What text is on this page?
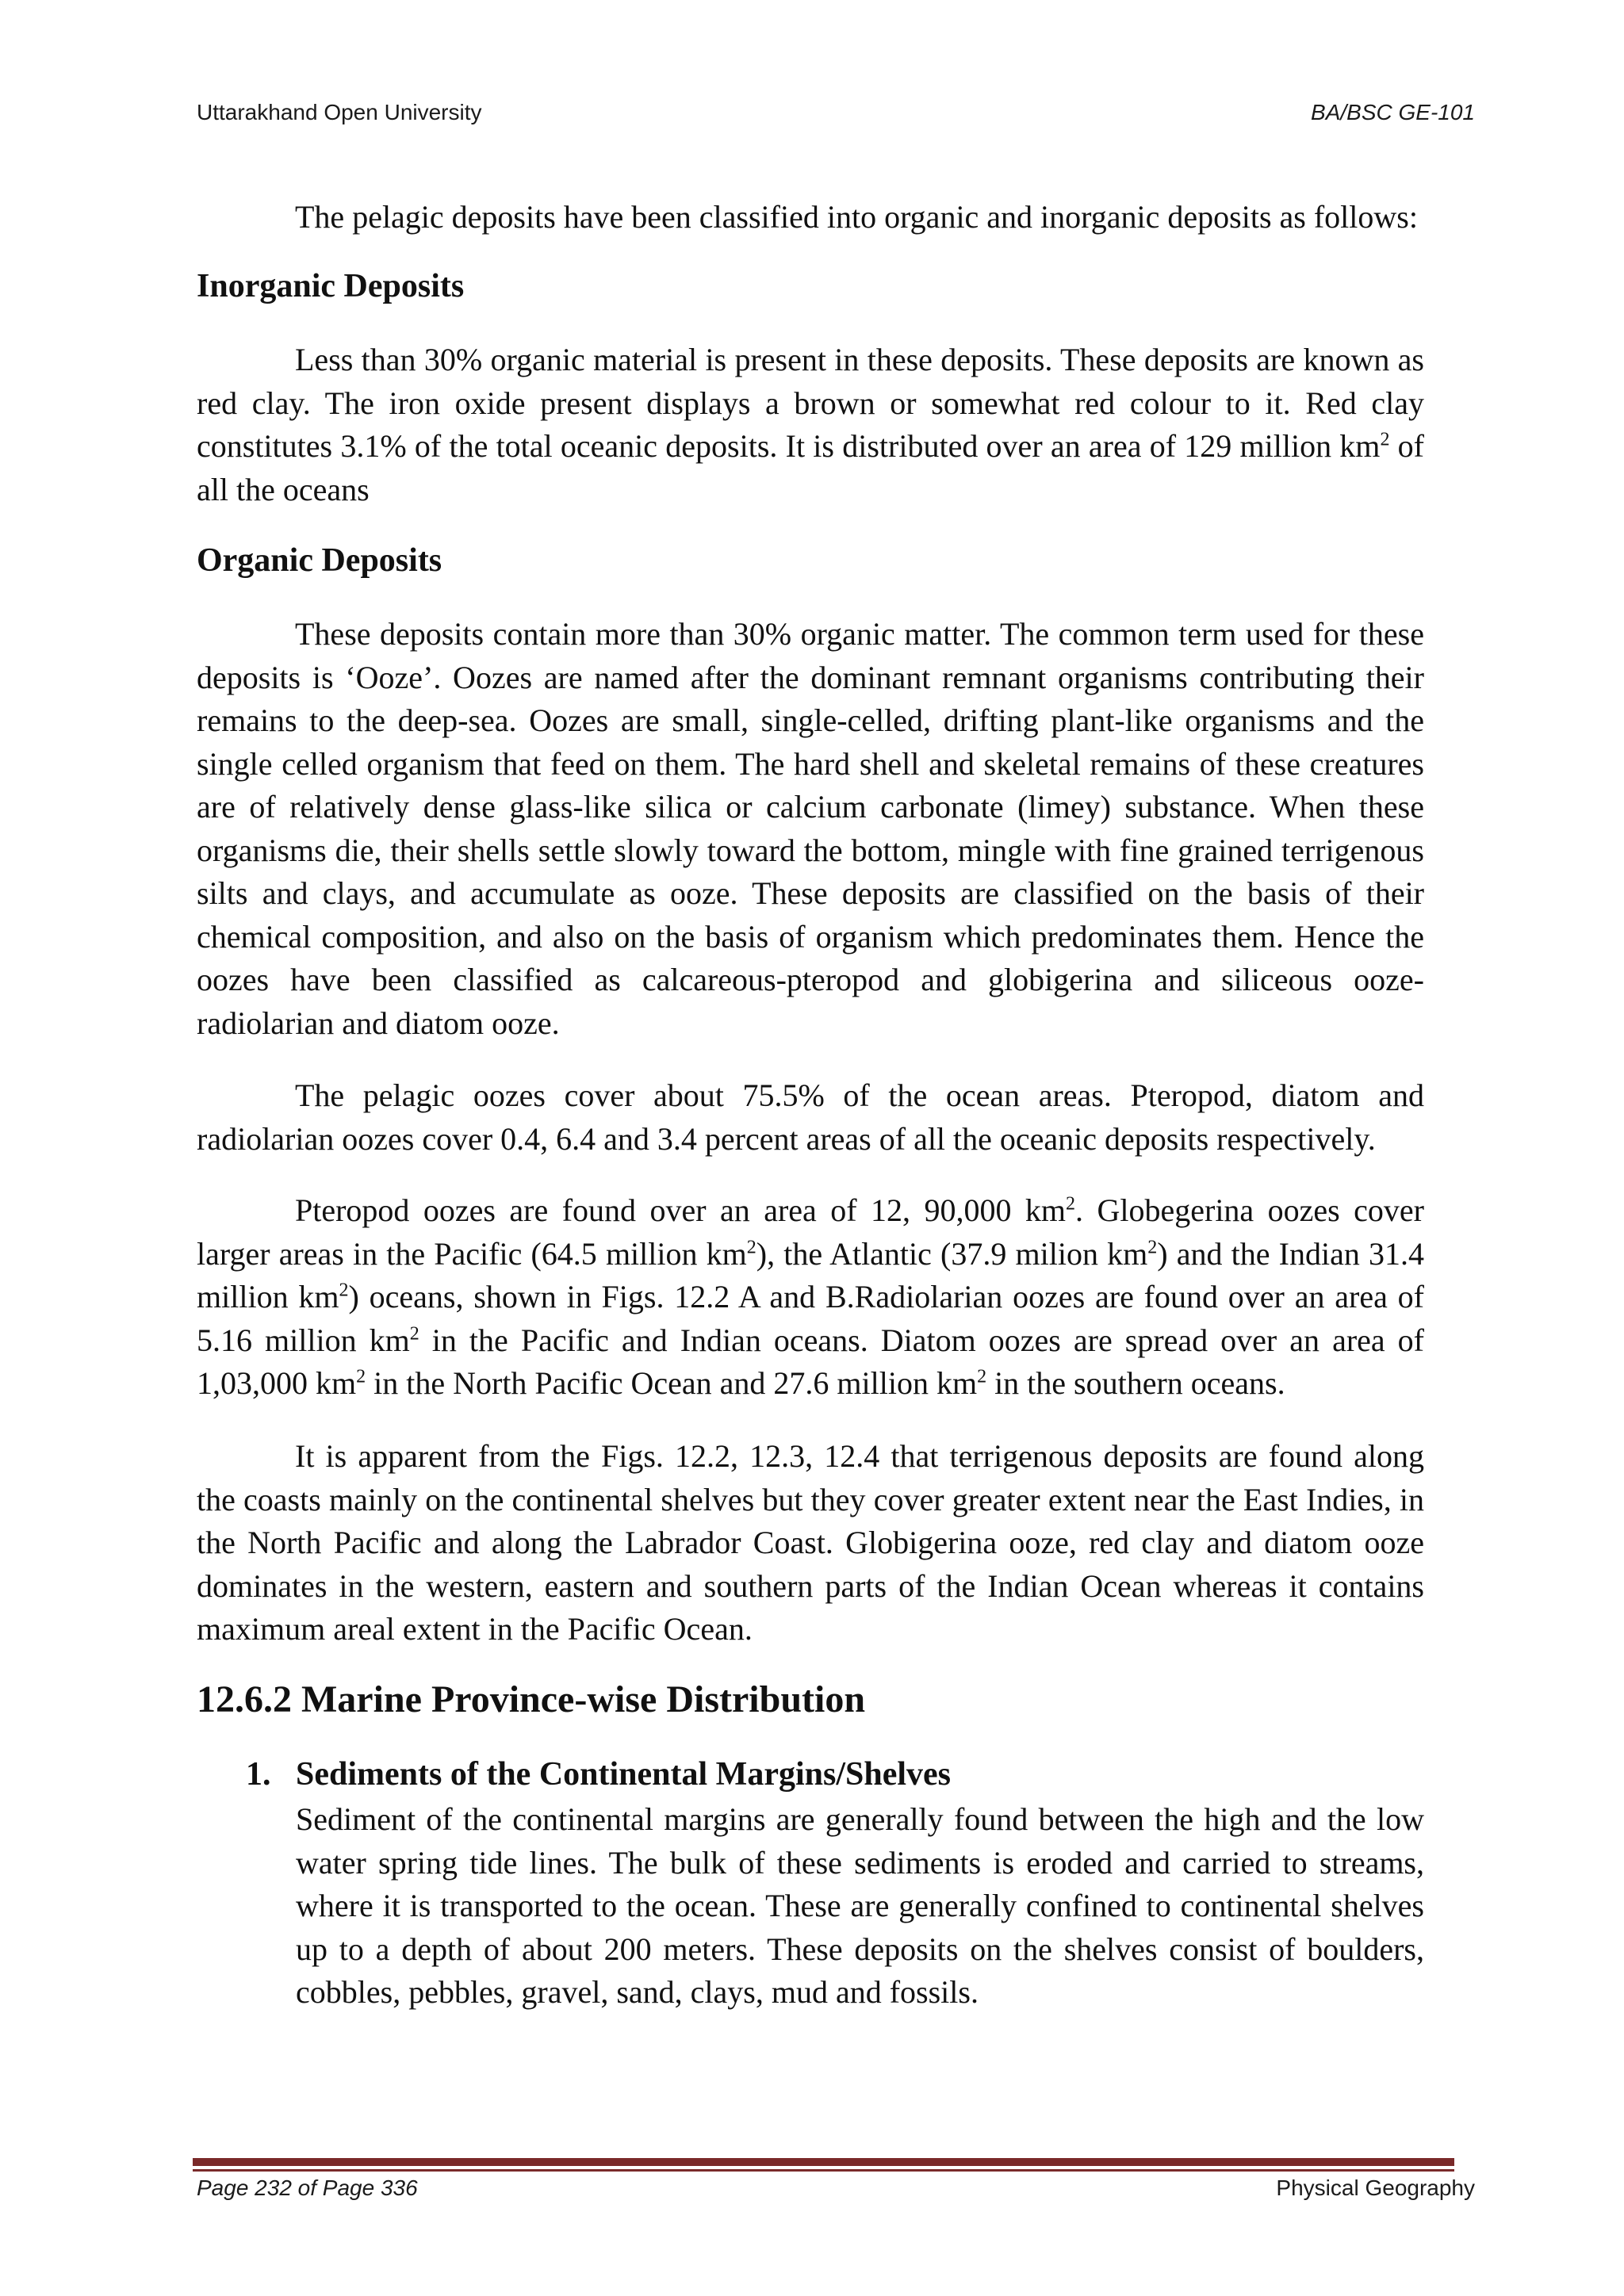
Uttarakhand Open University	BA/BSC GE-101

The pelagic deposits have been classified into organic and inorganic deposits as follows:

Inorganic Deposits

Less than 30% organic material is present in these deposits. These deposits are known as red clay. The iron oxide present displays a brown or somewhat red colour to it. Red clay constitutes 3.1% of the total oceanic deposits. It is distributed over an area of 129 million $km^2$ of all the oceans

Organic Deposits

These deposits contain more than 30% organic matter. The common term used for these deposits is ‘Ooze’. Oozes are named after the dominant remnant organisms contributing their remains to the deep-sea. Oozes are small, single-celled, drifting plant-like organisms and the single celled organism that feed on them. The hard shell and skeletal remains of these creatures are of relatively dense glass-like silica or calcium carbonate (limey) substance. When these organisms die, their shells settle slowly toward the bottom, mingle with fine grained terrigenous silts and clays, and accumulate as ooze. These deposits are classified on the basis of their chemical composition, and also on the basis of organism which predominates them. Hence the oozes have been classified as calcareous-pteropod and globigerina and siliceous ooze-radiolarian and diatom ooze.

The pelagic oozes cover about 75.5% of the ocean areas. Pteropod, diatom and radiolarian oozes cover 0.4, 6.4 and 3.4 percent areas of all the oceanic deposits respectively.

Pteropod oozes are found over an area of 12, 90,000 $km^2$. Globegerina oozes cover larger areas in the Pacific (64.5 million $km^2$), the Atlantic (37.9 milion $km^2$) and the Indian 31.4 million $km^2$) oceans, shown in Figs. 12.2 A and B.Radiolarian oozes are found over an area of 5.16 million $km^2$ in the Pacific and Indian oceans. Diatom oozes are spread over an area of 1,03,000 $km^2$ in the North Pacific Ocean and 27.6 million $km^2$ in the southern oceans.

It is apparent from the Figs. 12.2, 12.3, 12.4 that terrigenous deposits are found along the coasts mainly on the continental shelves but they cover greater extent near the East Indies, in the North Pacific and along the Labrador Coast. Globigerina ooze, red clay and diatom ooze dominates in the western, eastern and southern parts of the Indian Ocean whereas it contains maximum areal extent in the Pacific Ocean.

12.6.2 Marine Province-wise Distribution
1. Sediments of the Continental Margins/Shelves

Sediment of the continental margins are generally found between the high and the low water spring tide lines. The bulk of these sediments is eroded and carried to streams, where it is transported to the ocean. These are generally confined to continental shelves up to a depth of about 200 meters. These deposits on the shelves consist of boulders, cobbles, pebbles, gravel, sand, clays, mud and fossils.

Page 232 of Page 336	Physical Geography
